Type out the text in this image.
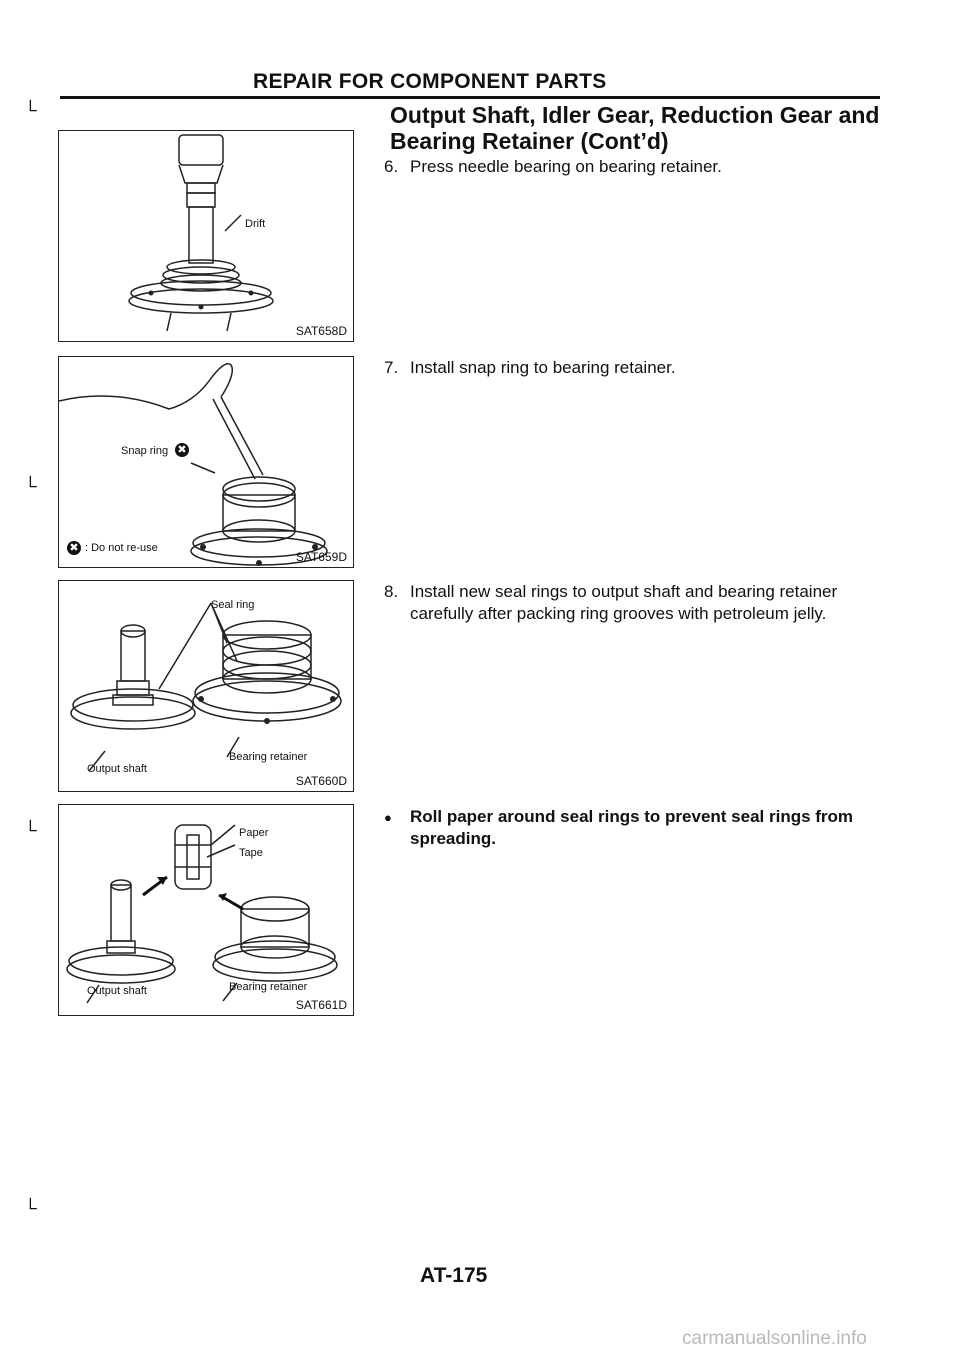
└
└
└
└
REPAIR FOR COMPONENT PARTS
Output Shaft, Idler Gear, Reduction Gear and
Bearing Retainer (Cont’d)
6. Press needle bearing on bearing retainer.
7. Install snap ring to bearing retainer.
8. Install new seal rings to output shaft and bearing retainer carefully after packing ring grooves with petroleum jelly.
● Roll paper around seal rings to prevent seal rings from spreading.
Drift
SAT658D
Snap ring ✖
✖ : Do not re-use
SAT659D
Seal ring
Bearing retainer
Output shaft
SAT660D
Paper
Tape
Output shaft	Bearing retainer
SAT661D
AT-175
carmanualsonline.info
